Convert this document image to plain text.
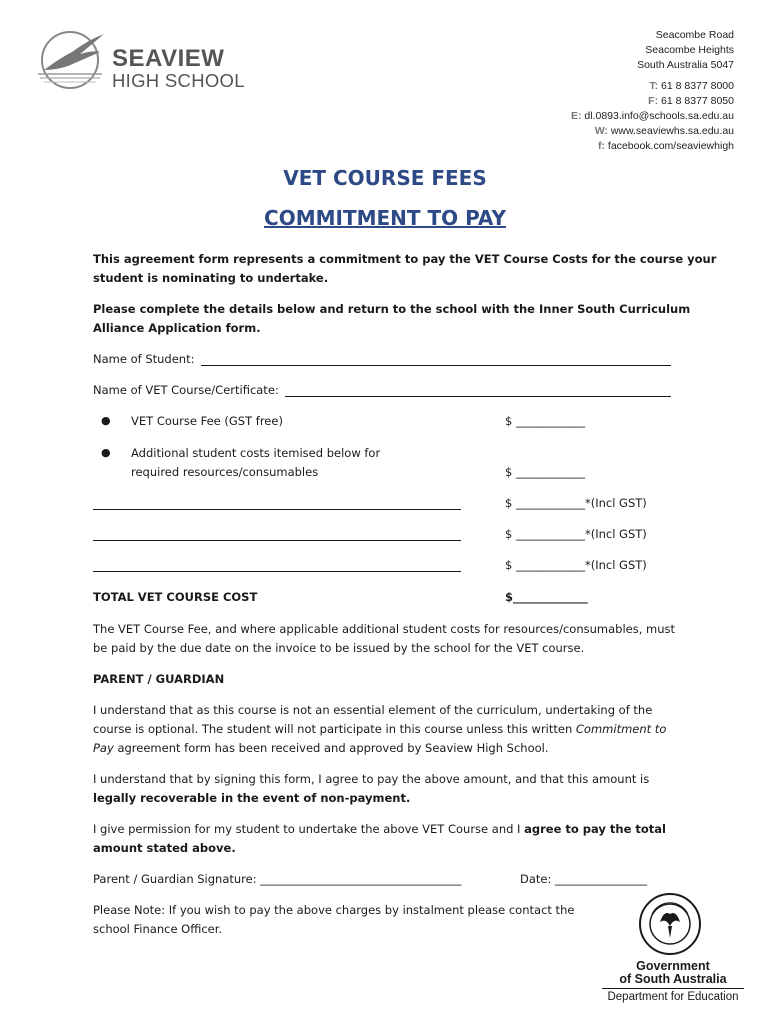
SEAVIEW
HIGH SCHOOL
Seacombe Road
Seacombe Heights
South Australia 5047
T: 61 8 8377 8000
F: 61 8 8377 8050
E: dl.0893.info@schools.sa.edu.au
W: www.seaviewhs.sa.edu.au
f: facebook.com/seaviewhigh
VET COURSE FEES
COMMITMENT TO PAY
This agreement form represents a commitment to pay the VET Course Costs for the course your
student is nominating to undertake.
Please complete the details below and return to the school with the Inner South Curriculum
Alliance Application form.
Name of Student:
Name of VET Course/Certificate:
● VET Course Fee (GST free)	$ ____________
● Additional student costs itemised below for
required resources/consumables	$ ____________
$ ____________*(Incl GST)
$ ____________*(Incl GST)
$ ____________*(Incl GST)
TOTAL VET COURSE COST	$_____________
The VET Course Fee, and where applicable additional student costs for resources/consumables, must
be paid by the due date on the invoice to be issued by the school for the VET course.
PARENT / GUARDIAN
I understand that as this course is not an essential element of the curriculum, undertaking of the
course is optional. The student will not participate in this course unless this written Commitment to
Pay agreement form has been received and approved by Seaview High School.
I understand that by signing this form, I agree to pay the above amount, and that this amount is
legally recoverable in the event of non-payment.
I give permission for my student to undertake the above VET Course and I agree to pay the total
amount stated above.
Parent / Guardian Signature: ___________________________________	Date: ________________
Please Note: If you wish to pay the above charges by instalment please contact the
school Finance Officer.
Government
of South Australia
Department for Education
